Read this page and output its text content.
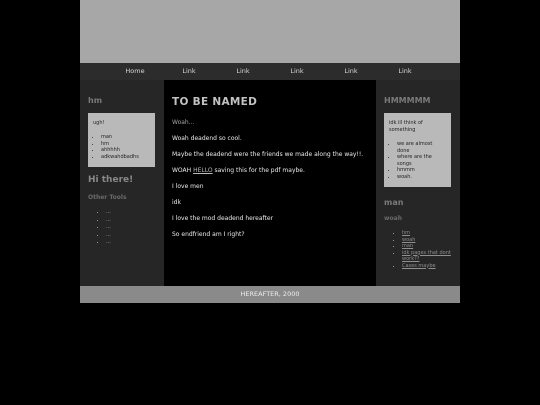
Home	Link	Link	Link	Link	Link
hm

ugh!

• man
• hm
• ahhhhh
• adkwahdbadhs
Hi there!
Other Tools
• ...
• ...
• ...
• ...
• ...
TO BE NAMED
Woah...

Woah deadend so cool.

Maybe the deadend were the friends we made along the way!!.

WOAH HELLO saving this for the pdf maybe.

I love men

idk

I love the mod deadend hereafter

So endfriend am I right?

HMMMMM

idk ill think of something

• we are almost done
• where are the songs
• hmmm
• woah.
man
woah
• hm
• woah
• man
• idk pages that dont work??
• Cases maybe
HEREAFTER, 2000
